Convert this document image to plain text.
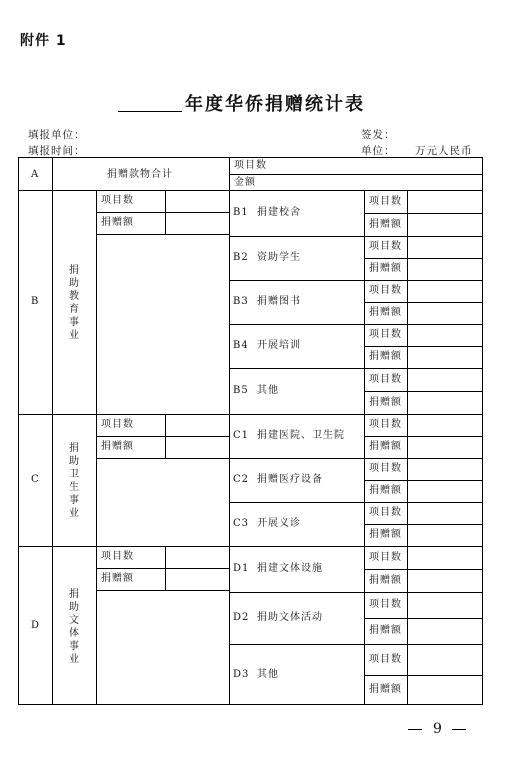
附件 1
年度华侨捐赠统计表
填报单位：
填报时间：
签发：
单位： 万元人民币
A	捐赠款物合计
项目数
金额
项目数
捐赠额
B
捐助教育事业
B1 捐建校舍
项目数
捐赠额
B2 资助学生
项目数
捐赠额
B3 捐赠图书
项目数
捐赠额
B4 开展培训
项目数
捐赠额
B5 其他
项目数
捐赠额
项目数
捐赠额
C
捐助卫生事业
C1 捐建医院、卫生院
项目数
捐赠额
C2 捐赠医疗设备
项目数
捐赠额
C3 开展义诊
项目数
捐赠额
项目数
捐赠额
D
捐助文体事业
D1 捐建文体设施
项目数
捐赠额
D2 捐助文体活动
项目数
捐赠额
D3 其他
项目数
捐赠额
9
